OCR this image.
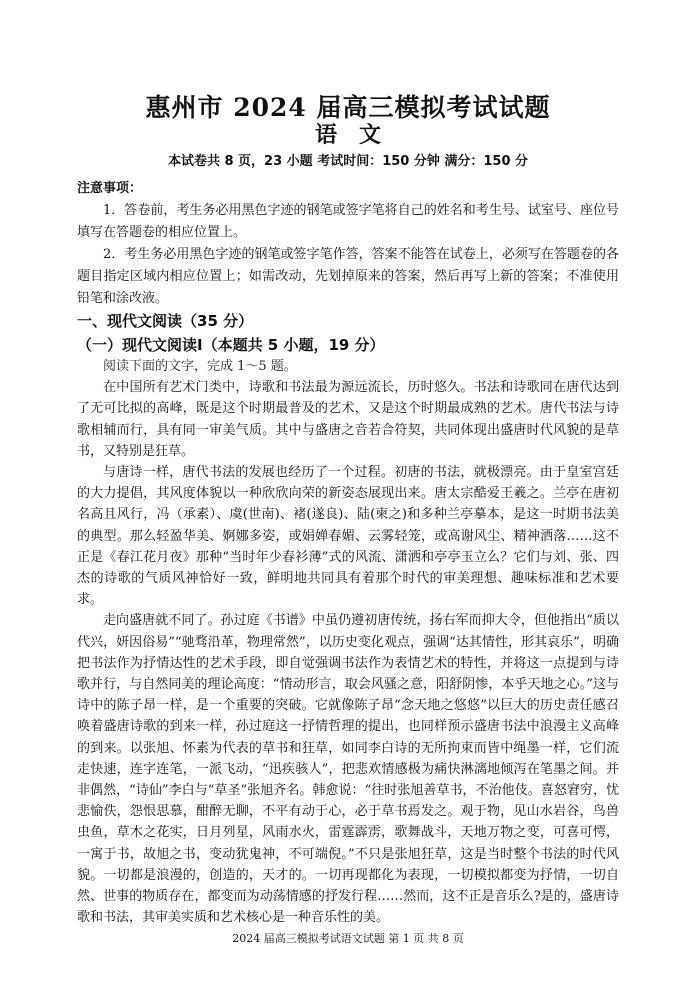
惠州市 2024 届高三模拟考试试题
语文
本试卷共 8 页，23 小题 考试时间：150 分钟 满分：150 分
注意事项：

1．答卷前，考生务必用黑色字迹的钢笔或签字笔将自己的姓名和考生号、试室号、座位号填写在答题卷的相应位置上。

2．考生务必用黑色字迹的钢笔或签字笔作答，答案不能答在试卷上，必须写在答题卷的各题目指定区域内相应位置上；如需改动，先划掉原来的答案，然后再写上新的答案；不准使用铅笔和涂改液。

一、现代文阅读（35 分）
（一）现代文阅读Ⅰ（本题共 5 小题，19 分）

阅读下面的文字，完成 1～5 题。

在中国所有艺术门类中，诗歌和书法最为源远流长，历时悠久。书法和诗歌同在唐代达到了无可比拟的高峰，既是这个时期最普及的艺术，又是这个时期最成熟的艺术。唐代书法与诗歌相辅而行，具有同一审美气质。其中与盛唐之音若合符契，共同体现出盛唐时代风貌的是草书，又特别是狂草。

与唐诗一样，唐代书法的发展也经历了一个过程。初唐的书法，就极漂亮。由于皇室宫廷的大力提倡，其风度体貌以一种欣欣向荣的新姿态展现出来。唐太宗酷爱王羲之。兰亭在唐初名高且风行，冯（承素）、虞(世南)、褚(遂良)、陆(柬之)和多种兰亭摹本，是这一时期书法美的典型。那么轻盈华美、婀娜多姿，或娟婵春媚、云雾轻笼，或高谢风尘、精神洒落……这不正是《春江花月夜》那种“当时年少春衫薄”式的风流、潇洒和亭亭玉立么？它们与刘、张、四杰的诗歌的气质风神恰好一致，鲜明地共同具有着那个时代的审美理想、趣味标准和艺术要求。

走向盛唐就不同了。孙过庭《书谱》中虽仍遵初唐传统，扬右军而抑大令，但他指出“质以代兴，妍因俗易”“驰骛沿革，物理常然”，以历史变化观点，强调“达其情性，形其哀乐”，明确把书法作为抒情达性的艺术手段，即自觉强调书法作为表情艺术的特性，并将这一点提到与诗歌并行，与自然同美的理论高度：“情动形言，取会风骚之意，阳舒阴惨，本乎天地之心。”这与诗中的陈子昂一样，是一个重要的突破。它就像陈子昂“念天地之悠悠”以巨大的历史责任感召唤着盛唐诗歌的到来一样，孙过庭这一抒情哲理的提出，也同样预示盛唐书法中浪漫主义高峰的到来。以张旭、怀素为代表的草书和狂草，如同李白诗的无所拘束而皆中绳墨一样，它们流走快速，连字连笔，一派飞动，“迅疾骇人”，把悲欢情感极为痛快淋漓地倾泻在笔墨之间。并非偶然，“诗仙”李白与“草圣”张旭齐名。韩愈说：“往时张旭善草书，不治他伎。喜怒窘穷，忧悲愉佚，怨恨思慕，酣醉无聊，不平有动于心，必于草书焉发之。观于物，见山水岩谷，鸟兽虫鱼，草木之花实，日月列星，风雨水火，雷霆霹雳，歌舞战斗，天地万物之变，可喜可愕，一寓于书，故旭之书，变动犹鬼神，不可端倪。”不只是张旭狂草，这是当时整个书法的时代风貌。一切都是浪漫的，创造的，天才的。一切再现都化为表现，一切模拟都变为抒情，一切自然、世事的物质存在，都变而为动荡情感的抒发行程……然而，这不正是音乐么?是的，盛唐诗歌和书法，其审美实质和艺术核心是一种音乐性的美。

2024 届高三模拟考试语文试题 第 1 页 共 8 页
